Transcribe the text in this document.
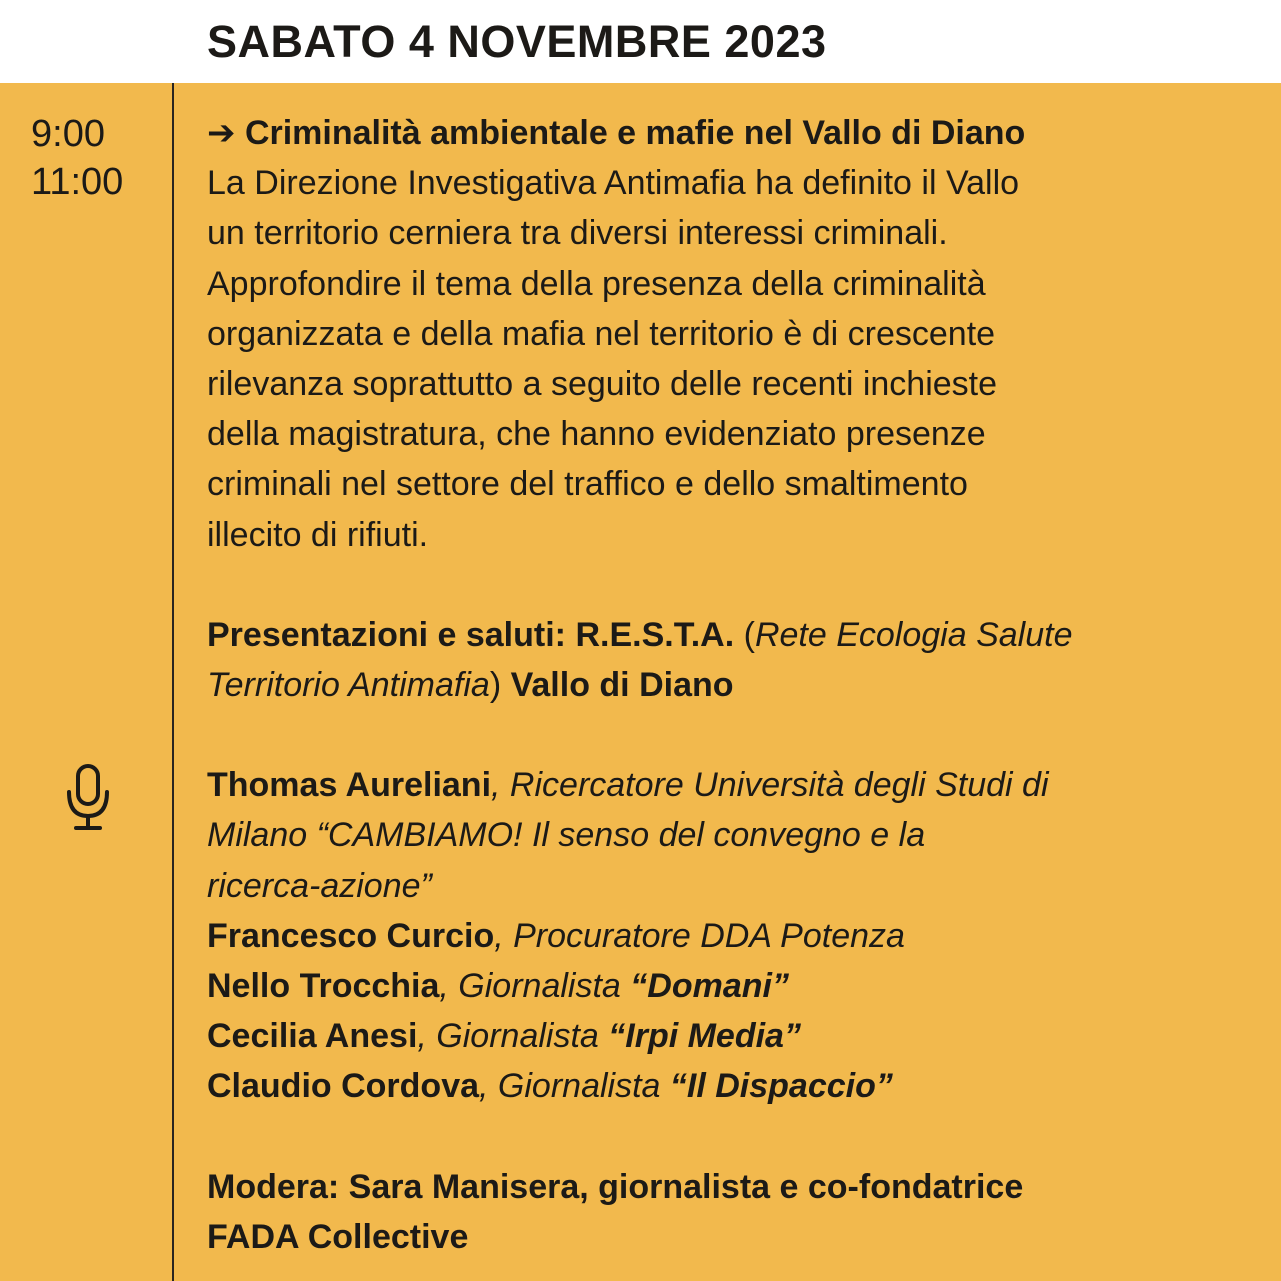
SABATO 4 NOVEMBRE 2023
9:00
11:00

➔ Criminalità ambientale e mafie nel Vallo di Diano

La Direzione Investigativa Antimafia ha definito il Vallo

un territorio cerniera tra diversi interessi criminali.

Approfondire il tema della presenza della criminalità

organizzata e della mafia nel territorio è di crescente

rilevanza soprattutto a seguito delle recenti inchieste

della magistratura, che hanno evidenziato presenze

criminali nel settore del traffico e dello smaltimento

illecito di rifiuti.

Presentazioni e saluti: R.E.S.T.A. (Rete Ecologia Salute

Territorio Antimafia) Vallo di Diano

Thomas Aureliani, Ricercatore Università degli Studi di

Milano “CAMBIAMO! Il senso del convegno e la

ricerca-azione”

Francesco Curcio, Procuratore DDA Potenza

Nello Trocchia, Giornalista “Domani”

Cecilia Anesi, Giornalista “Irpi Media”

Claudio Cordova, Giornalista “Il Dispaccio”

Modera: Sara Manisera, giornalista e co-fondatrice

FADA Collective
